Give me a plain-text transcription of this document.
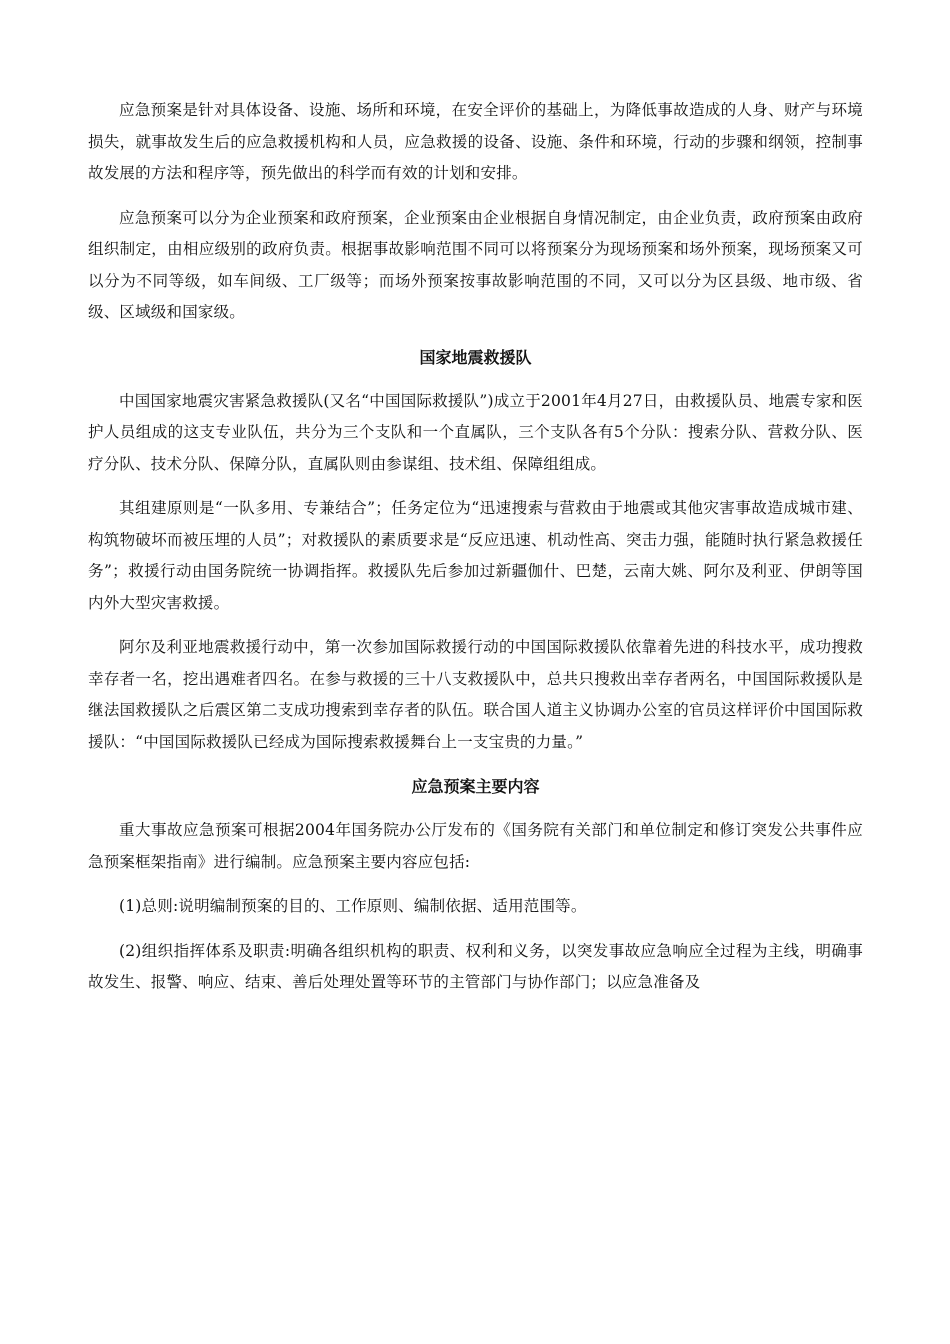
应急预案是针对具体设备、设施、场所和环境，在安全评价的基础上，为降低事故造成的人身、财产与环境损失，就事故发生后的应急救援机构和人员，应急救援的设备、设施、条件和环境，行动的步骤和纲领，控制事故发展的方法和程序等，预先做出的科学而有效的计划和安排。

应急预案可以分为企业预案和政府预案，企业预案由企业根据自身情况制定，由企业负责，政府预案由政府组织制定，由相应级别的政府负责。根据事故影响范围不同可以将预案分为现场预案和场外预案，现场预案又可以分为不同等级，如车间级、工厂级等；而场外预案按事故影响范围的不同，又可以分为区县级、地市级、省级、区域级和国家级。

国家地震救援队

中国国家地震灾害紧急救援队(又名“中国国际救援队”)成立于2001年4月27日，由救援队员、地震专家和医护人员组成的这支专业队伍，共分为三个支队和一个直属队，三个支队各有5个分队：搜索分队、营救分队、医疗分队、技术分队、保障分队，直属队则由参谋组、技术组、保障组组成。

其组建原则是“一队多用、专兼结合”；任务定位为“迅速搜索与营救由于地震或其他灾害事故造成城市建、构筑物破坏而被压埋的人员”；对救援队的素质要求是“反应迅速、机动性高、突击力强，能随时执行紧急救援任务”；救援行动由国务院统一协调指挥。救援队先后参加过新疆伽什、巴楚，云南大姚、阿尔及利亚、伊朗等国内外大型灾害救援。

阿尔及利亚地震救援行动中，第一次参加国际救援行动的中国国际救援队依靠着先进的科技水平，成功搜救幸存者一名，挖出遇难者四名。在参与救援的三十八支救援队中，总共只搜救出幸存者两名，中国国际救援队是继法国救援队之后震区第二支成功搜索到幸存者的队伍。联合国人道主义协调办公室的官员这样评价中国国际救援队：“中国国际救援队已经成为国际搜索救援舞台上一支宝贵的力量。”

应急预案主要内容

重大事故应急预案可根据2004年国务院办公厅发布的《国务院有关部门和单位制定和修订突发公共事件应急预案框架指南》进行编制。应急预案主要内容应包括:

(1)总则:说明编制预案的目的、工作原则、编制依据、适用范围等。

(2)组织指挥体系及职责:明确各组织机构的职责、权利和义务，以突发事故应急响应全过程为主线，明确事故发生、报警、响应、结束、善后处理处置等环节的主管部门与协作部门；以应急准备及
